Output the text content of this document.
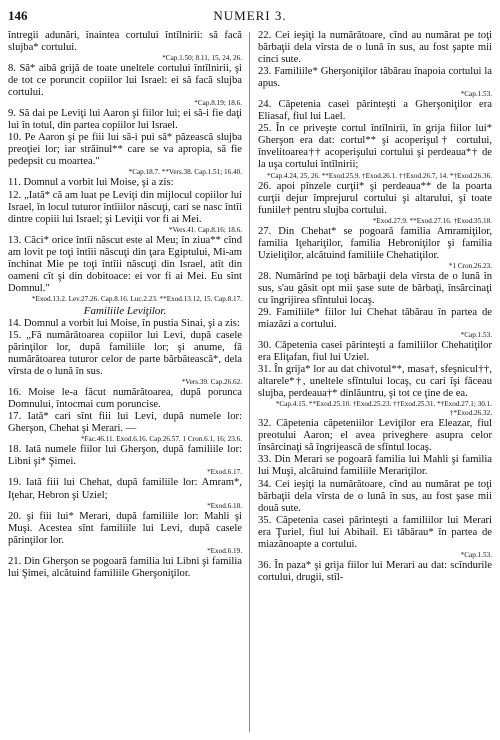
146	NUMERI 3.

întregii adunări, înaintea cortului întîlnirii: să facă slujba* cortului.

*Cap.1.50; 8.11, 15, 24, 26.

8. Să* aibă grijă de toate uneltele cortului întîlnirii, şi de tot ce poruncit copiilor lui Israel: ei să facă slujba cortului.

*Cap.8.19; 18.6.

9. Să dai pe Leviţi lui Aaron şi fiilor lui; ei să-i fie daţi lui în totul, din partea copiilor lui Israel.

10. Pe Aaron şi pe fiii lui să-i pui să* păzească slujba preoţiei lor; iar străinul** care se va apropia, să fie pedepsit cu moartea."

*Cap.18.7. **Vers.38. Cap.1.51; 16.40.

11. Domnul a vorbit lui Moise, şi a zis:

12. „Iată* că am luat pe Leviţi din mijlocul copiilor lui Israel, în locul tuturor întîiilor născuţi, cari se nasc întîi dintre copiii lui Israel; şi Leviţii vor fi ai Mei.

*Vers.41. Cap.8.16; 18.6.

13. Căci* orice întîi născut este al Meu; în ziua** cînd am lovit pe toţi întîii născuţi din ţara Egiptului, Mi-am închinat Mie pe toţi întîii născuţi din Israel, atît din oameni cît şi din dobitoace: ei vor fi ai Mei. Eu sînt Domnul."

*Exod.13.2. Lev.27.26. Cap.8.16. Luc.2.23. **Exod.13.12, 15. Cap.8.17.

Familiile Leviţilor.

14. Domnul a vorbit lui Moise, în pustia Sinai, şi a zis:

15. „Fă numărătoarea copiilor lui Levi, după casele părinţilor lor, după familiile lor; şi anume, fă numărătoarea tuturor celor de parte bărbătească*, dela vîrsta de o lună în sus.

*Vers.39. Cap.26.62.

16. Moise le-a făcut numărătoarea, după porunca Domnului, întocmai cum poruncise.

17. Iată* cari sînt fiii lui Levi, după numele lor: Gherşon, Chehat şi Merari. —

*Fac.46.11. Exod.6.16. Cap.26.57. 1 Cron.6.1, 16; 23.6.

18. Iată numele fiilor lui Gherşon, după familiile lor: Libni şi* Şimei.

*Exod.6.17.

19. Iată fiii lui Chehat, după familiile lor: Amram*, Iţehar, Hebron şi Uziel;

*Exod.6.18.

20. şi fiii lui* Merari, după familiile lor: Mahli şi Muşi. Acestea sînt familiile lui Levi, după casele părinţilor lor.

*Exod.6.19.

21. Din Gherşon se pogoară familia lui Libni şi familia lui Şimei, alcătuind familiile Gherşoniţilor.

22. Cei ieşiţi la numărătoare, cînd au numărat pe toţi bărbaţii dela vîrsta de o lună în sus, au fost şapte mii cinci sute.

23. Familiile* Gherşoniţilor tăbărau înapoia cortului la apus.

*Cap.1.53.

24. Căpetenia casei părinteşti a Gherşoniţilor era Eliasaf, fiul lui Lael.

25. În ce priveşte cortul întîlnirii, în grija fiilor lui* Gherşon era dat: cortul** şi acoperişul† cortului, învelitoarea†† acoperişului cortului şi perdeaua*† de la uşa cortului întîlnirii;

*Cap.4.24, 25, 26. **Exod.25.9. †Exod.26.1. ††Exod.26.7, 14. *†Exod.26.36.

26. apoi pînzele curţii* şi perdeaua** de la poarta curţii dejur împrejurul cortului şi altarului, şi toate funiile† pentru slujba cortului.

*Exod.27.9. **Exod.27.16. †Exod.35.18.

27. Din Chehat* se pogoară familia Amramiţilor, familia Iţehariţilor, familia Hebroniţilor şi familia Uzieliţilor, alcătuind familiile Chehatiţilor.

*1 Cron.26.23.

28. Numărînd pe toţi bărbaţii dela vîrsta de o lună în sus, s'au găsit opt mii şase sute de bărbaţi, însărcinaţi cu îngrijirea sfîntului locaş.

29. Familiile* fiilor lui Chehat tăbărau în partea de miazăzi a cortului.

*Cap.1.53.

30. Căpetenia casei părinteşti a familiilor Chehatiţilor era Eliţafan, fiul lui Uziel.

31. În grija* lor au dat chivotul**, masa†, sfeşnicul††, altarele*†, uneltele sfîntului locaş, cu cari îşi făceau slujba, perdeaua†* dinlăuntru, şi tot ce ţine de ea.

*Cap.4.15. **Exod.25.10. †Exod.25.23. ††Exod.25.31. *†Exod.27.1; 30.1. †*Exod.26.32.

32. Căpetenia căpeteniilor Leviţilor era Eleazar, fiul preotului Aaron; el avea priveghere asupra celor însărcinaţi să îngrijească de sfîntul locaş.

33. Din Merari se pogoară familia lui Mahli şi familia lui Muşi, alcătuind familiile Merariţilor.

34. Cei ieşiţi la numărătoare, cînd au numărat pe toţi bărbaţii dela vîrsta de o lună în sus, au fost şase mii două sute.

35. Căpetenia casei părinteşti a familiilor lui Merari era Ţuriel, fiul lui Abihail. Ei tăbărau* în partea de miazănoapte a cortului.

*Cap.1.53.

36. În paza* şi grija fiilor lui Merari au dat: scîndurile cortului, drugii, stîl-
